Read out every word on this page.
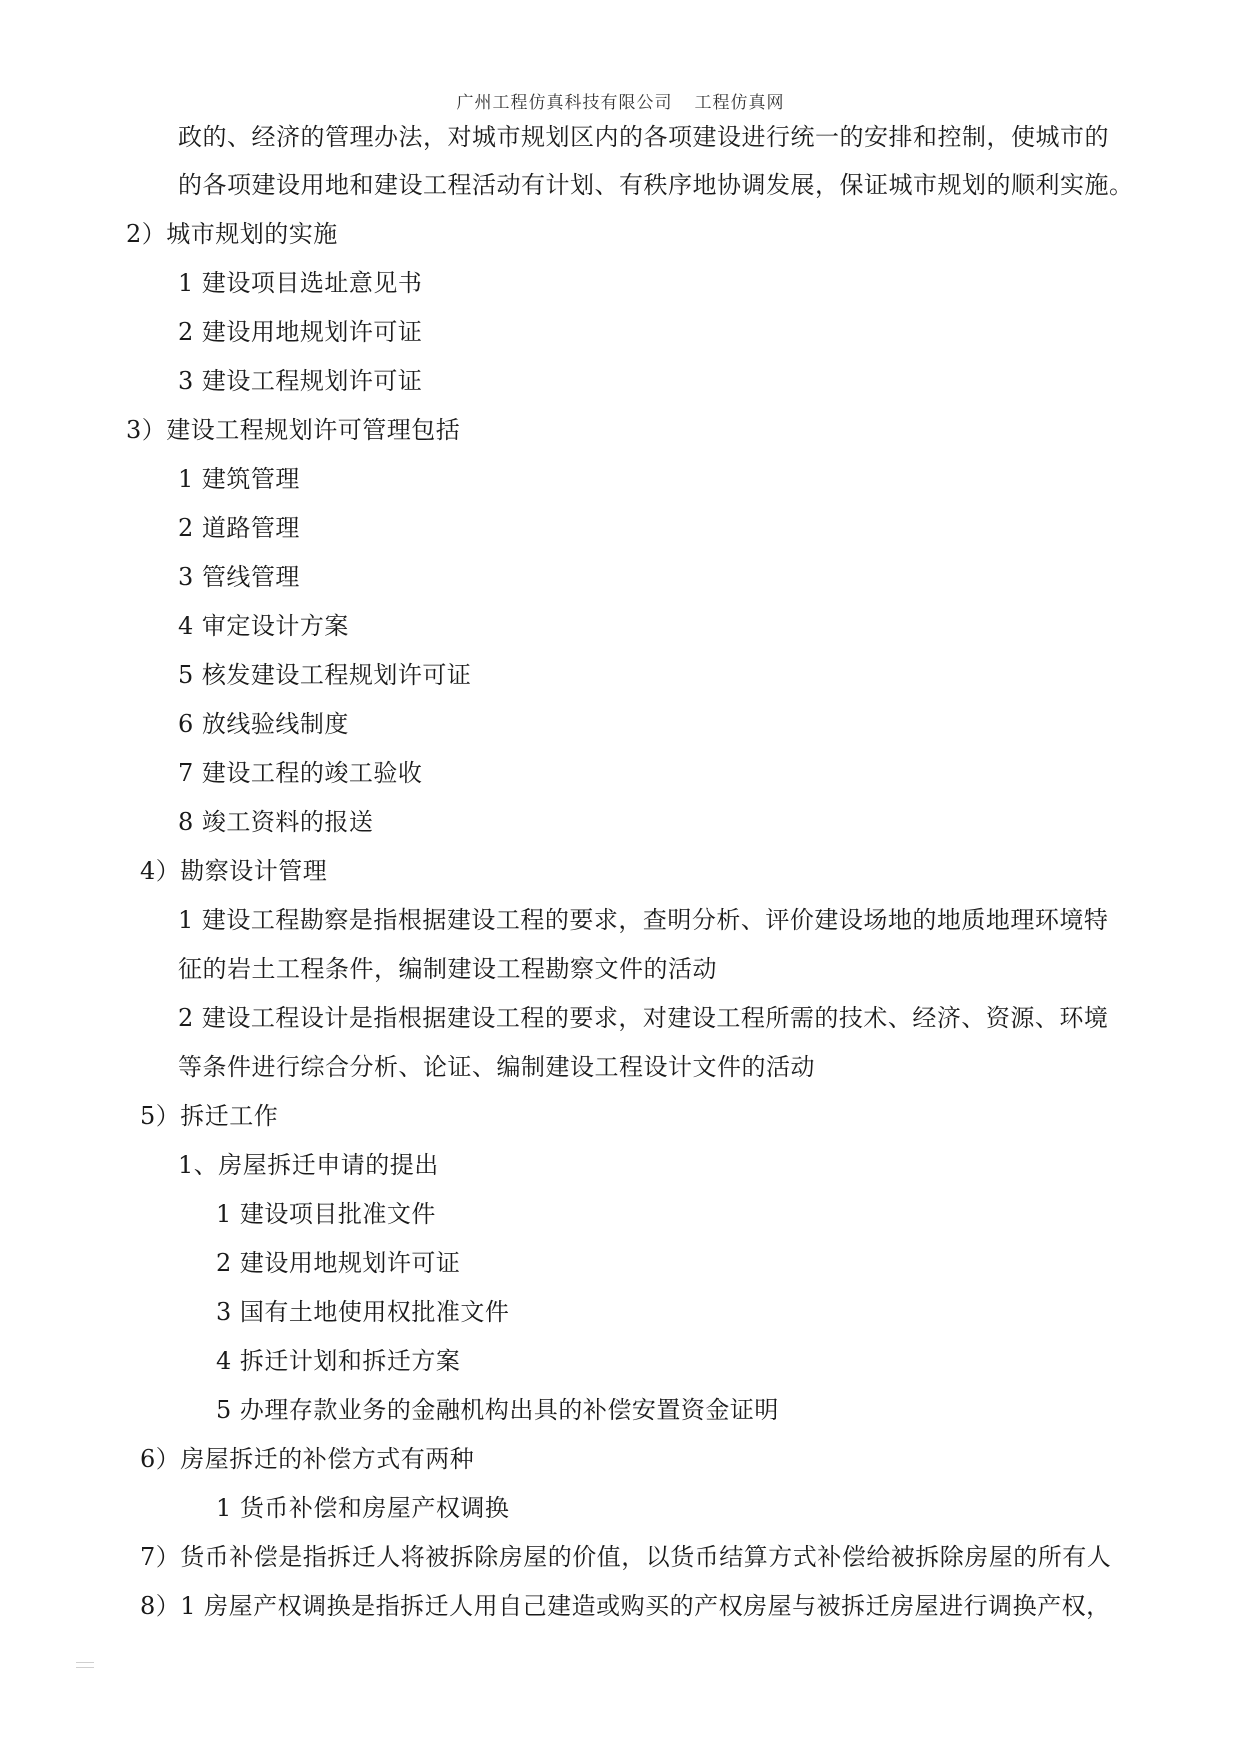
广州工程仿真科技有限公司 工程仿真网
政的、经济的管理办法，对城市规划区内的各项建设进行统一的安排和控制，使城市的
的各项建设用地和建设工程活动有计划、有秩序地协调发展，保证城市规划的顺利实施。
2）城市规划的实施
1 建设项目选址意见书
2 建设用地规划许可证
3 建设工程规划许可证
3）建设工程规划许可管理包括
1 建筑管理
2 道路管理
3 管线管理
4 审定设计方案
5 核发建设工程规划许可证
6 放线验线制度
7 建设工程的竣工验收
8 竣工资料的报送
4）勘察设计管理
1 建设工程勘察是指根据建设工程的要求，查明分析、评价建设场地的地质地理环境特
征的岩土工程条件，编制建设工程勘察文件的活动
2 建设工程设计是指根据建设工程的要求，对建设工程所需的技术、经济、资源、环境
等条件进行综合分析、论证、编制建设工程设计文件的活动
5）拆迁工作
1、房屋拆迁申请的提出
1 建设项目批准文件
2 建设用地规划许可证
3 国有土地使用权批准文件
4 拆迁计划和拆迁方案
5 办理存款业务的金融机构出具的补偿安置资金证明
6）房屋拆迁的补偿方式有两种
1 货币补偿和房屋产权调换
7）货币补偿是指拆迁人将被拆除房屋的价值，以货币结算方式补偿给被拆除房屋的所有人
8）1 房屋产权调换是指拆迁人用自己建造或购买的产权房屋与被拆迁房屋进行调换产权，
